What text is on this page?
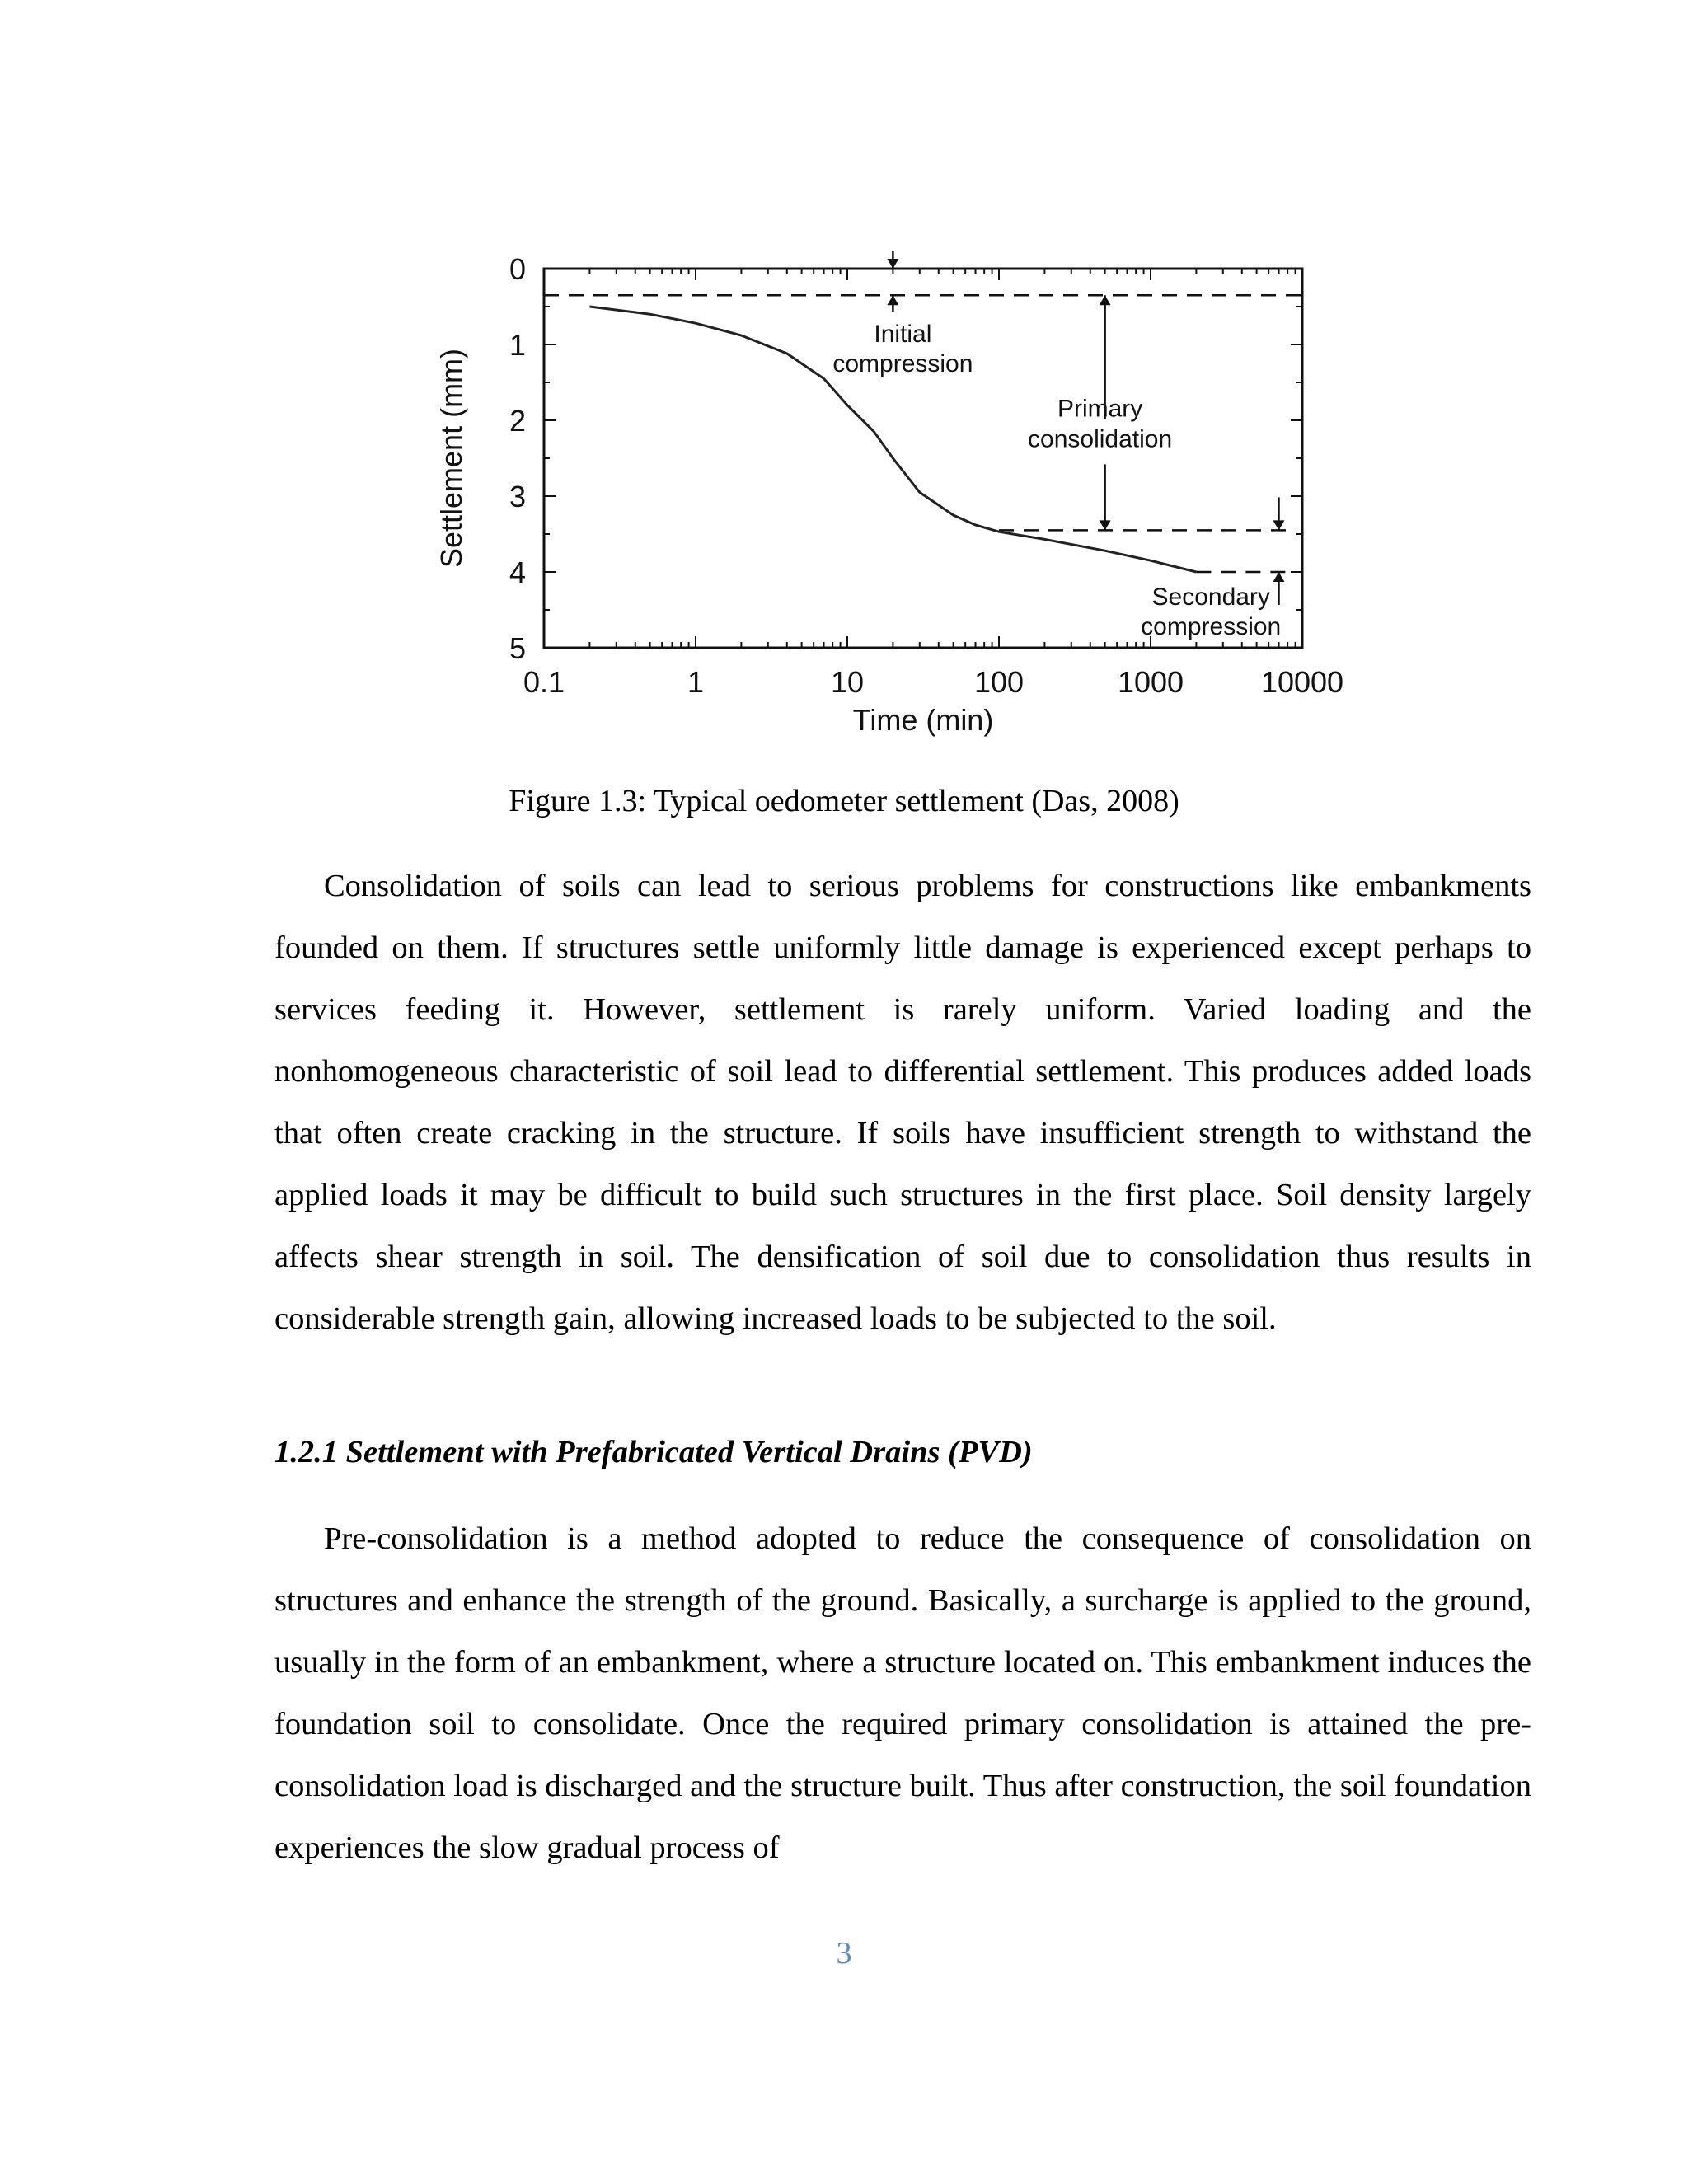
0.1	1	10	100	1000	10000
0
1
2
3
4
5
Time (min)
Settlement (mm)
Initial
compression
Primary
consolidation
Secondary
compression
Figure 1.3: Typical oedometer settlement (Das, 2008)

Consolidation of soils can lead to serious problems for constructions like embankments founded on them. If structures settle uniformly little damage is experienced except perhaps to services feeding it. However, settlement is rarely uniform. Varied loading and the nonhomogeneous characteristic of soil lead to differential settlement. This produces added loads that often create cracking in the structure. If soils have insufficient strength to withstand the applied loads it may be difficult to build such structures in the first place. Soil density largely affects shear strength in soil. The densification of soil due to consolidation thus results in considerable strength gain, allowing increased loads to be subjected to the soil.

1.2.1 Settlement with Prefabricated Vertical Drains (PVD)

Pre-consolidation is a method adopted to reduce the consequence of consolidation on structures and enhance the strength of the ground. Basically, a surcharge is applied to the ground, usually in the form of an embankment, where a structure located on. This embankment induces the foundation soil to consolidate. Once the required primary consolidation is attained the pre-consolidation load is discharged and the structure built. Thus after construction, the soil foundation experiences the slow gradual process of

3
